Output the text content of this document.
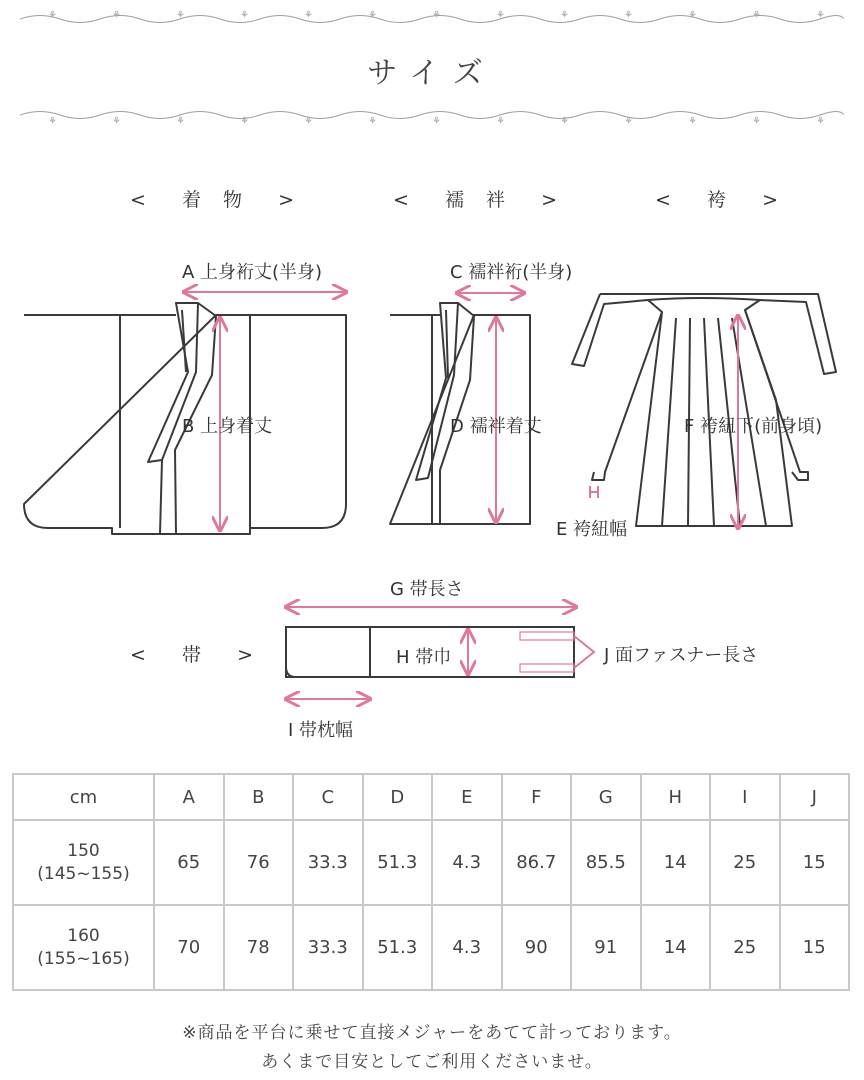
⚘	⚘	⚘	⚘	⚘	⚘	⚘	⚘	⚘	⚘	⚘	⚘	⚘
サイズ
⚘	⚘	⚘	⚘	⚘	⚘	⚘	⚘	⚘	⚘	⚘	⚘	⚘
<  着 物  >	<  襦 袢  >	<  袴  >
<  帯  >
A 上身裄丈(半身)
B 上身着丈
C 襦袢裄(半身)
D 襦袢着丈
E 袴紐幅
F 袴紐下(前身頃)
G 帯長さ
H 帯巾
I 帯枕幅
J 面ファスナー長さ
cm	A	B	C	D	E	F	G	H	I	J

150
(145~155)	65	76	33.3	51.3	4.3	86.7	85.5	14	25	15

160
(155~165)	70	78	33.3	51.3	4.3	90	91	14	25	15
※商品を平台に乗せて直接メジャーをあてて計っております。
あくまで目安としてご利用くださいませ。
